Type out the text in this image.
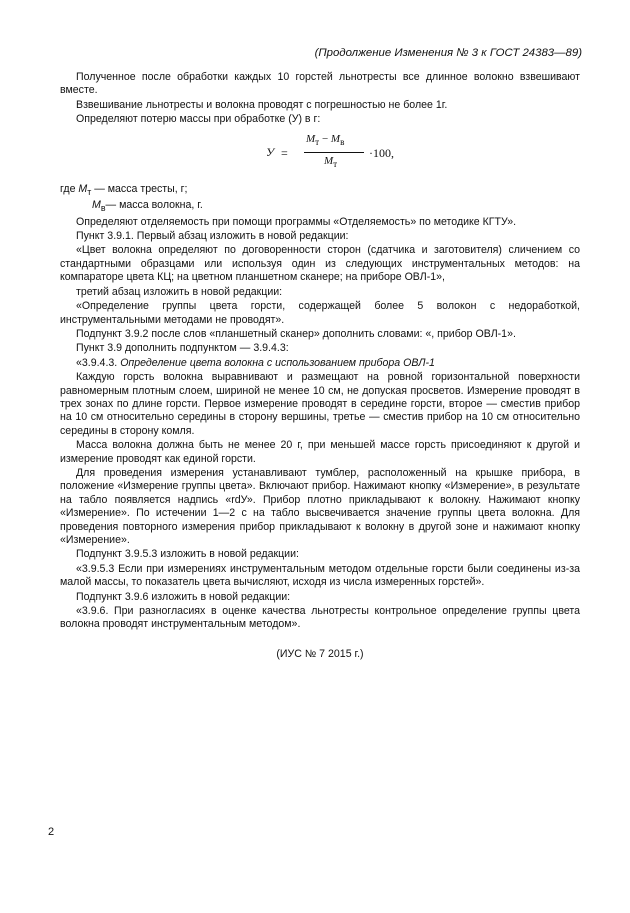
(Продолжение Изменения № 3 к ГОСТ 24383—89)

Полученное после обработки каждых 10 горстей льнотресты все длинное волокно взвешивают вместе.

Взвешивание льнотресты и волокна проводят с погрешностью не более 1г.

Определяют потерю массы при обработке (У) в г:

У =
$М_т - М_в$
$М_т$
·100,

где $М_т$ — масса тресты, г;

$М_в—$ масса волокна, г.

Определяют отделяемость при помощи программы «Отделяемость» по методике КГТУ».

Пункт 3.9.1. Первый абзац изложить в новой редакции:

«Цвет волокна определяют по договоренности сторон (сдатчика и заготовителя) сличением со стандартными образцами или используя один из следующих инструментальных методов: на компараторе цвета КЦ; на цветном планшетном сканере; на приборе ОВЛ-1»,

третий абзац изложить в новой редакции:

«Определение группы цвета горсти, содержащей более 5 волокон с недоработкой, инструментальными методами не проводят».

Подпункт 3.9.2 после слов «планшетный сканер» дополнить словами: «, прибор ОВЛ-1».

Пункт 3.9 дополнить подпунктом — 3.9.4.3:

«3.9.4.3. Определение цвета волокна с использованием прибора ОВЛ-1

Каждую горсть волокна выравнивают и размещают на ровной горизонтальной поверхности равномерным плотным слоем, шириной не менее 10 см, не допуская просветов. Измерение проводят в трех зонах по длине горсти. Первое измерение проводят в середине горсти, второе — сместив прибор на 10 см относительно середины в сторону вершины, третье — сместив прибор на 10 см относительно середины в сторону комля.

Масса волокна должна быть не менее 20 г, при меньшей массе горсть присоединяют к другой и измерение проводят как единой горсти.

Для проведения измерения устанавливают тумблер, расположенный на крышке прибора, в положение «Измерение группы цвета». Включают прибор. Нажимают кнопку «Измерение», в результате на табло появляется надпись «rdУ». Прибор плотно прикладывают к волокну. Нажимают кнопку «Измерение». По истечении 1—2 с на табло высвечивается значение группы цвета волокна. Для проведения повторного измерения прибор прикладывают к волокну в другой зоне и нажимают кнопку «Измерение».

Подпункт 3.9.5.3 изложить в новой редакции:

«3.9.5.3 Если при измерениях инструментальным методом отдельные горсти были соединены из-за малой массы, то показатель цвета вычисляют, исходя из числа измеренных горстей».

Подпункт 3.9.6 изложить в новой редакции:

«3.9.6. При разногласиях в оценке качества льнотресты контрольное определение группы цвета волокна проводят инструментальным методом».

(ИУС № 7 2015 г.)

2
